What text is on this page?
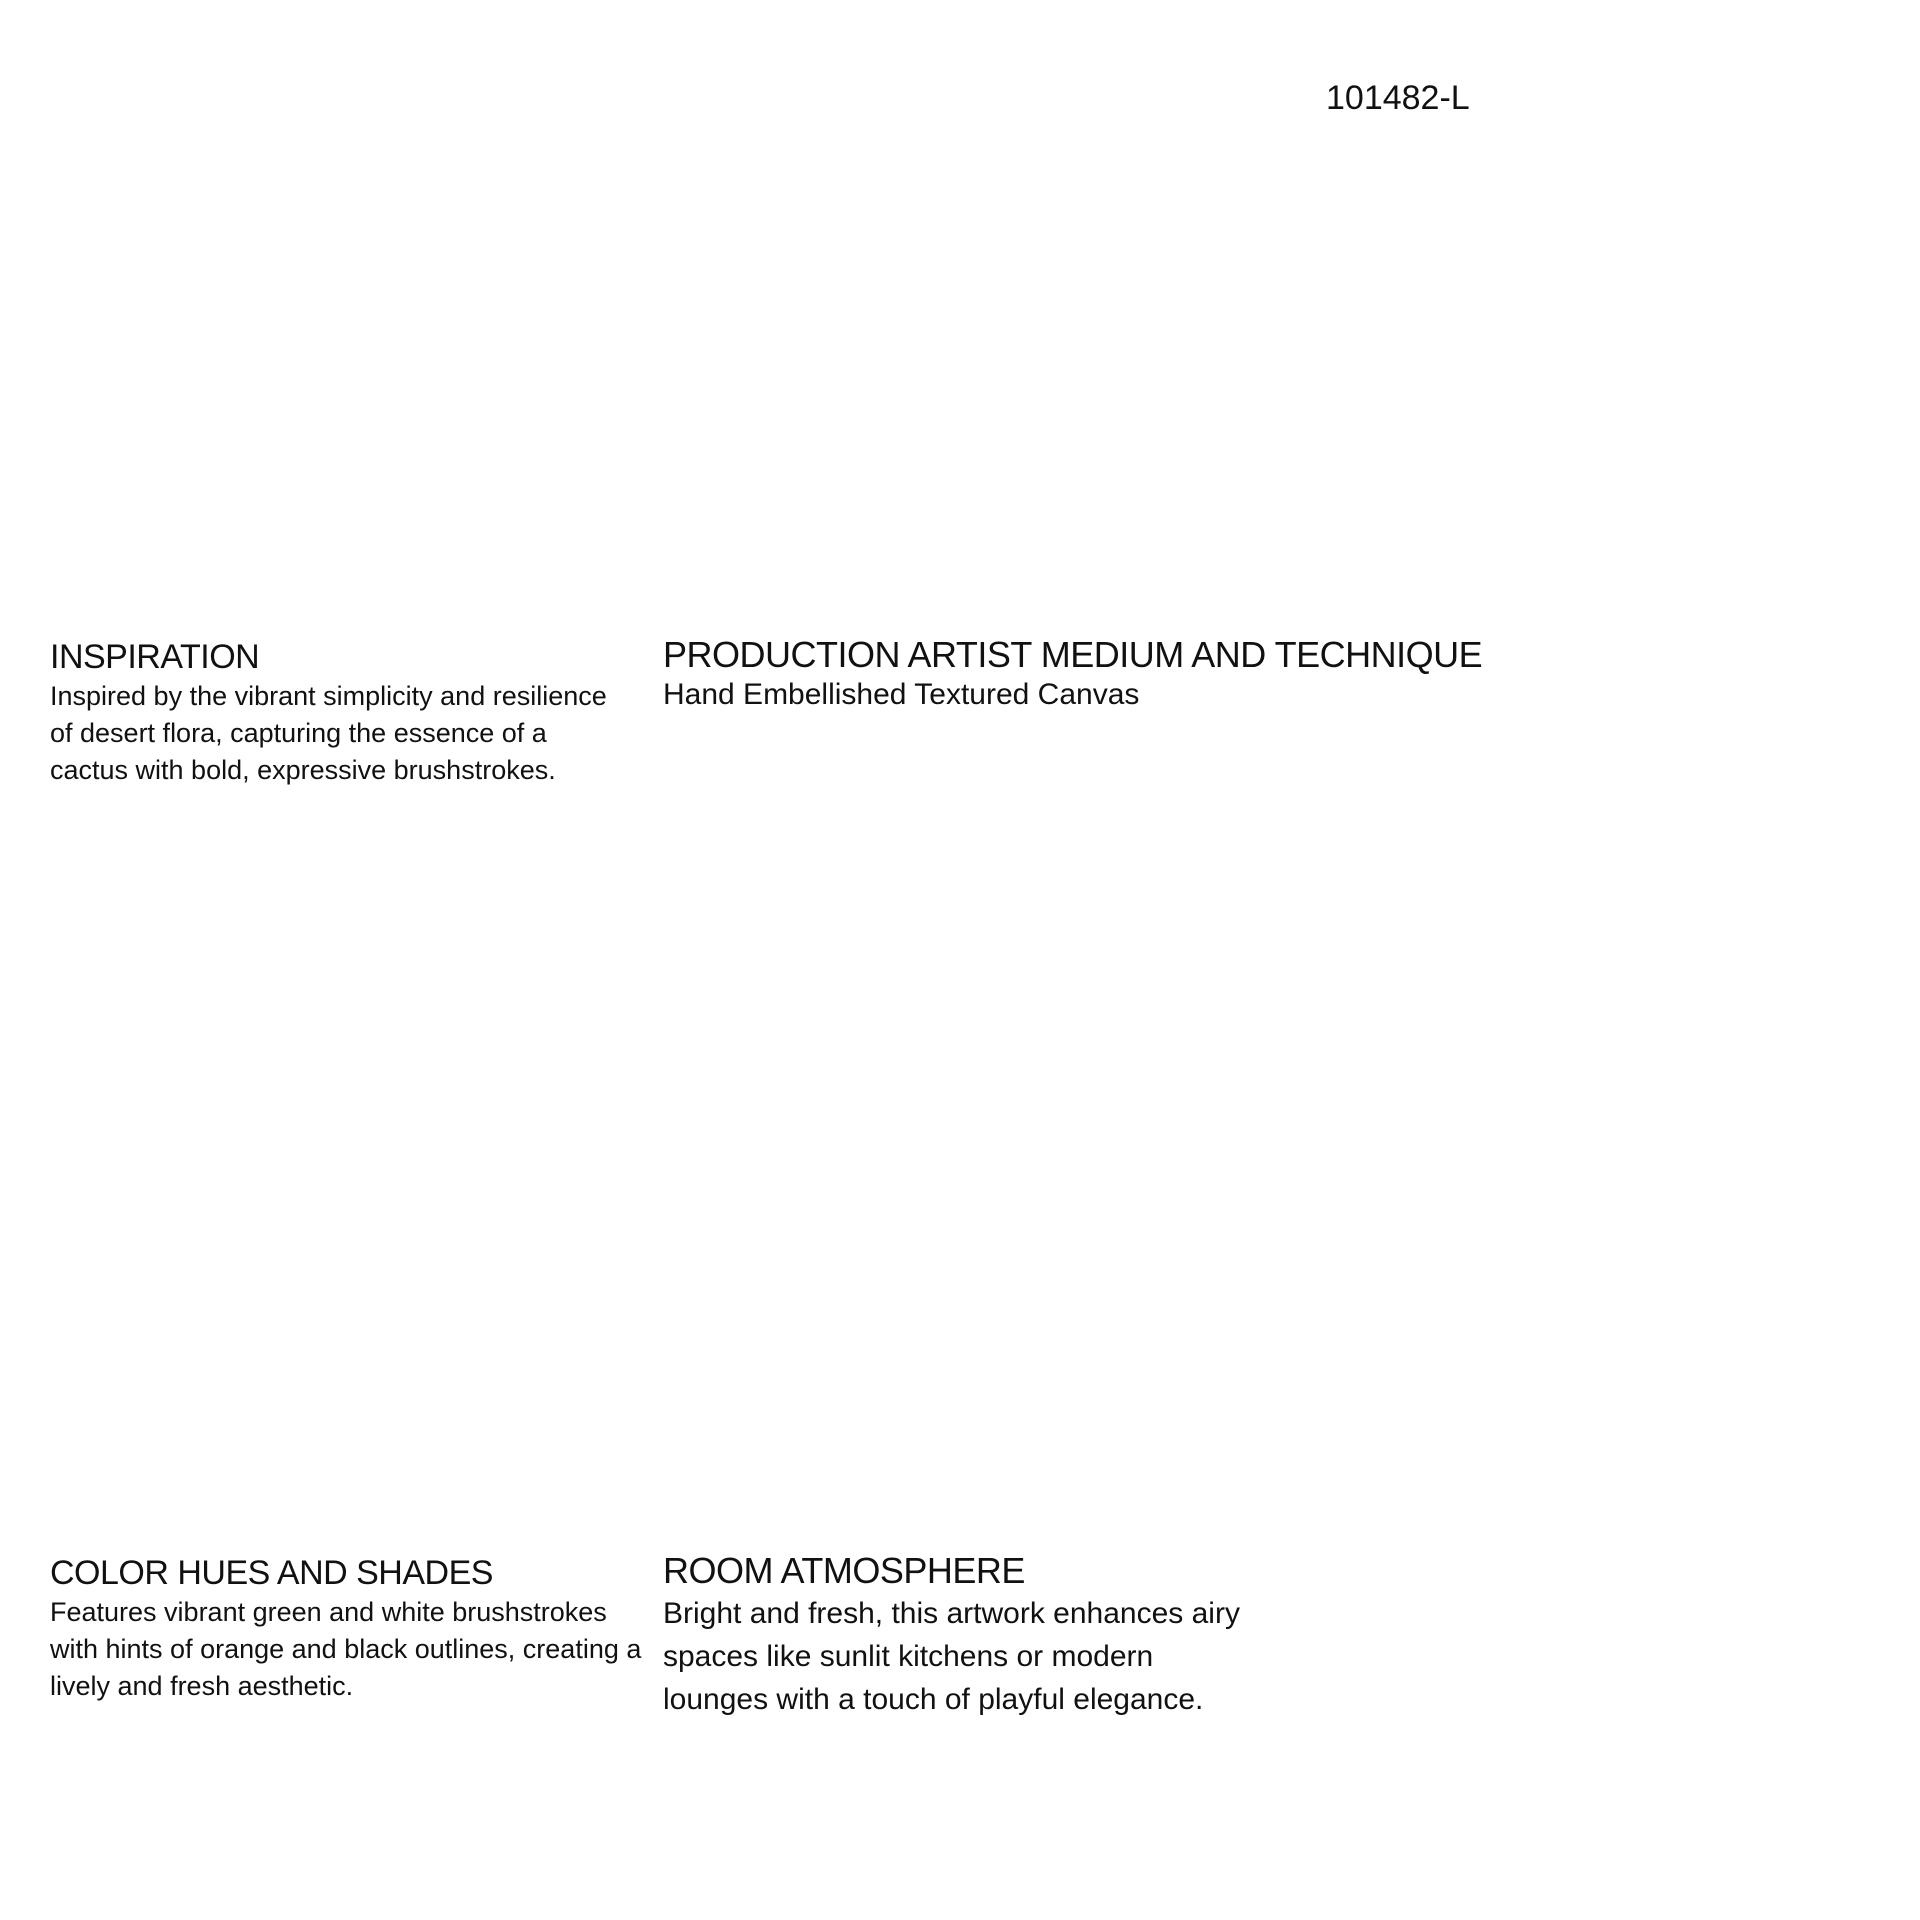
101482-L
INSPIRATION

Inspired by the vibrant simplicity and resilience of desert flora, capturing the essence of a cactus with bold, expressive brushstrokes.

PRODUCTION ARTIST MEDIUM AND TECHNIQUE

Hand Embellished Textured Canvas

COLOR HUES AND SHADES

Features vibrant green and white brushstrokes with hints of orange and black outlines, creating a lively and fresh aesthetic.

ROOM ATMOSPHERE

Bright and fresh, this artwork enhances airy spaces like sunlit kitchens or modern lounges with a touch of playful elegance.
